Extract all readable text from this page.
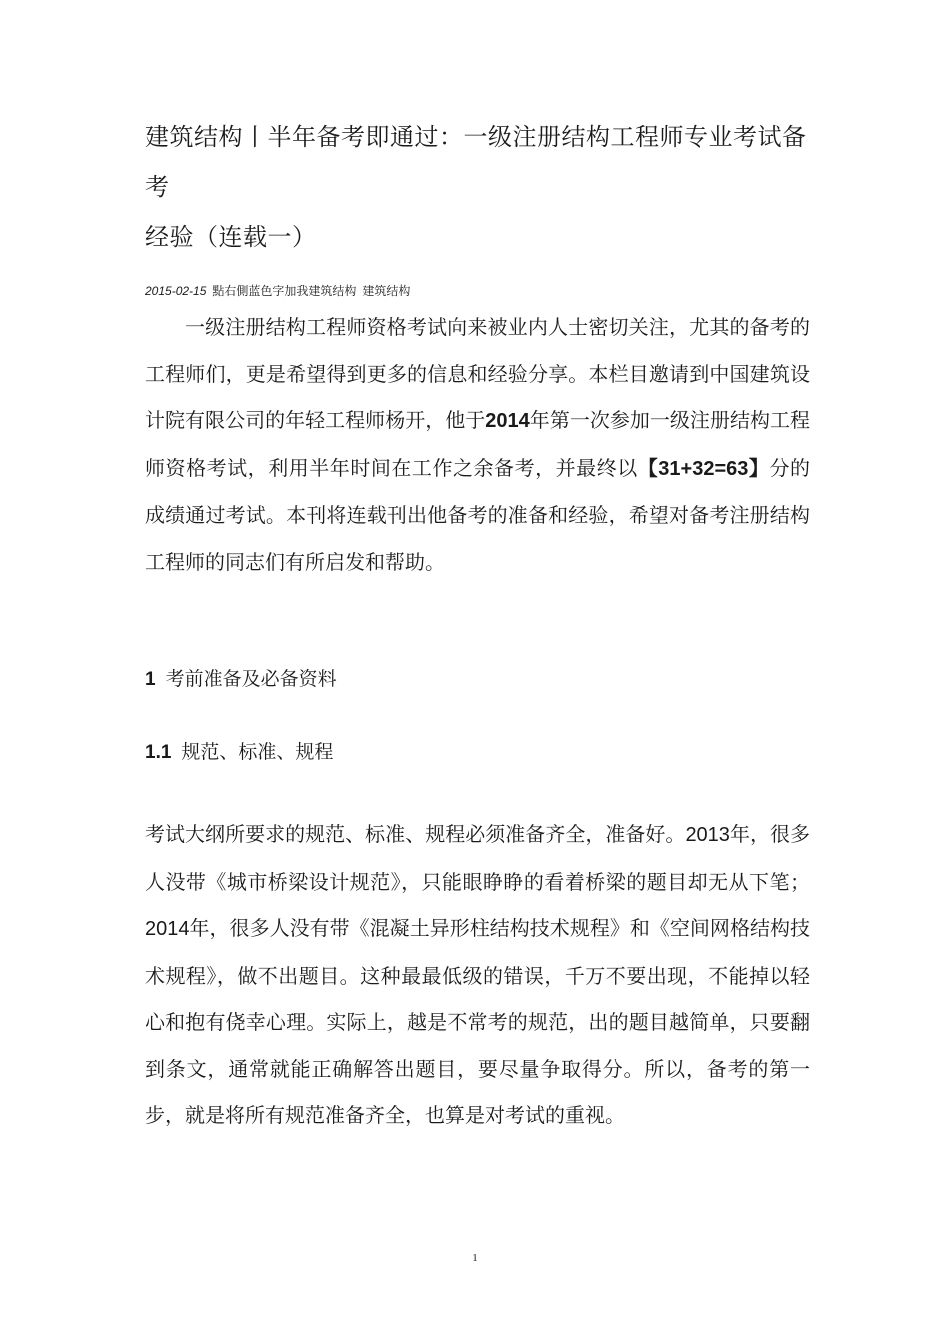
建筑结构丨半年备考即通过：一级注册结构工程师专业考试备考
经验（连载一）
2015-02-15 點右側蓝色字加我建筑结构 建筑结构

一级注册结构工程师资格考试向来被业内人士密切关注，尤其的备考的工程师们，更是希望得到更多的信息和经验分享。本栏目邀请到中国建筑设计院有限公司的年轻工程师杨开，他于2014年第一次参加一级注册结构工程师资格考试，利用半年时间在工作之余备考，并最终以【31+32=63】分的成绩通过考试。本刊将连载刊出他备考的准备和经验，希望对备考注册结构工程师的同志们有所启发和帮助。

1 考前准备及必备资料
1.1 规范、标准、规程

考试大纲所要求的规范、标准、规程必须准备齐全，准备好。2013年，很多人没带《城市桥梁设计规范》，只能眼睁睁的看着桥梁的题目却无从下笔；2014年，很多人没有带《混凝土异形柱结构技术规程》和《空间网格结构技术规程》，做不出题目。这种最最低级的错误，千万不要出现，不能掉以轻心和抱有侥幸心理。实际上，越是不常考的规范，出的题目越简单，只要翻到条文，通常就能正确解答出题目，要尽量争取得分。所以，备考的第一步，就是将所有规范准备齐全，也算是对考试的重视。

1
